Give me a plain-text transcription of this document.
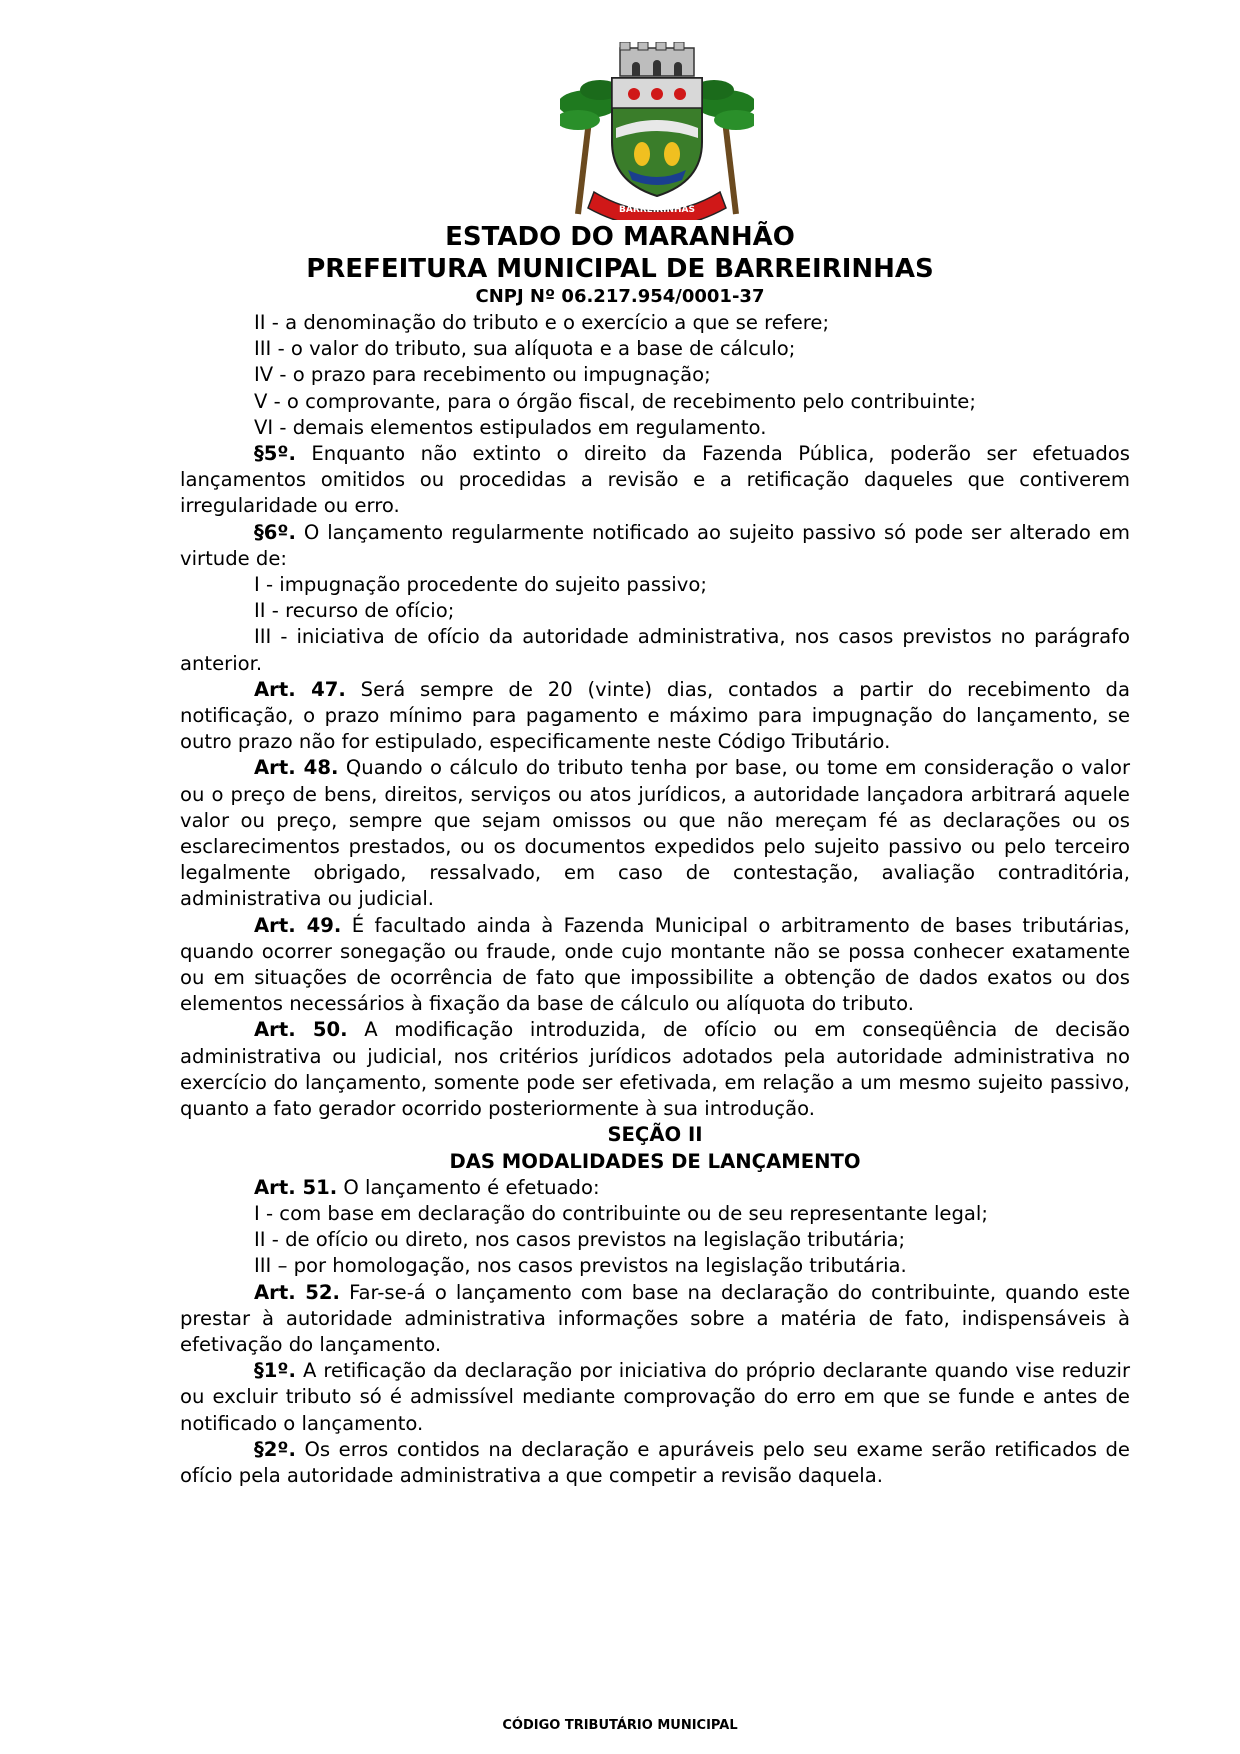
BARREIRINHAS
ESTADO DO MARANHÃO
PREFEITURA MUNICIPAL DE BARREIRINHAS
CNPJ Nº 06.217.954/0001-37

II - a denominação do tributo e o exercício a que se refere;

III - o valor do tributo, sua alíquota e a base de cálculo;

IV - o prazo para recebimento ou impugnação;

V - o comprovante, para o órgão fiscal, de recebimento pelo contribuinte;

VI - demais elementos estipulados em regulamento.

§5º. Enquanto não extinto o direito da Fazenda Pública, poderão ser efetuados lançamentos omitidos ou procedidas a revisão e a retificação daqueles que contiverem irregularidade ou erro.

§6º. O lançamento regularmente notificado ao sujeito passivo só pode ser alterado em virtude de:

I - impugnação procedente do sujeito passivo;

II - recurso de ofício;

III - iniciativa de ofício da autoridade administrativa, nos casos previstos no parágrafo anterior.

Art. 47. Será sempre de 20 (vinte) dias, contados a partir do recebimento da notificação, o prazo mínimo para pagamento e máximo para impugnação do lançamento, se outro prazo não for estipulado, especificamente neste Código Tributário.

Art. 48. Quando o cálculo do tributo tenha por base, ou tome em consideração o valor ou o preço de bens, direitos, serviços ou atos jurídicos, a autoridade lançadora arbitrará aquele valor ou preço, sempre que sejam omissos ou que não mereçam fé as declarações ou os esclarecimentos prestados, ou os documentos expedidos pelo sujeito passivo ou pelo terceiro legalmente obrigado, ressalvado, em caso de contestação, avaliação contraditória, administrativa ou judicial.

Art. 49. É facultado ainda à Fazenda Municipal o arbitramento de bases tributárias, quando ocorrer sonegação ou fraude, onde cujo montante não se possa conhecer exatamente ou em situações de ocorrência de fato que impossibilite a obtenção de dados exatos ou dos elementos necessários à fixação da base de cálculo ou alíquota do tributo.

Art. 50. A modificação introduzida, de ofício ou em conseqüência de decisão administrativa ou judicial, nos critérios jurídicos adotados pela autoridade administrativa no exercício do lançamento, somente pode ser efetivada, em relação a um mesmo sujeito passivo, quanto a fato gerador ocorrido posteriormente à sua introdução.

SEÇÃO II

DAS MODALIDADES DE LANÇAMENTO

Art. 51. O lançamento é efetuado:

I - com base em declaração do contribuinte ou de seu representante legal;

II - de ofício ou direto, nos casos previstos na legislação tributária;

III – por homologação, nos casos previstos na legislação tributária.

Art. 52. Far-se-á o lançamento com base na declaração do contribuinte, quando este prestar à autoridade administrativa informações sobre a matéria de fato, indispensáveis à efetivação do lançamento.

§1º. A retificação da declaração por iniciativa do próprio declarante quando vise reduzir ou excluir tributo só é admissível mediante comprovação do erro em que se funde e antes de notificado o lançamento.

§2º. Os erros contidos na declaração e apuráveis pelo seu exame serão retificados de ofício pela autoridade administrativa a que competir a revisão daquela.

CÓDIGO TRIBUTÁRIO MUNICIPAL
